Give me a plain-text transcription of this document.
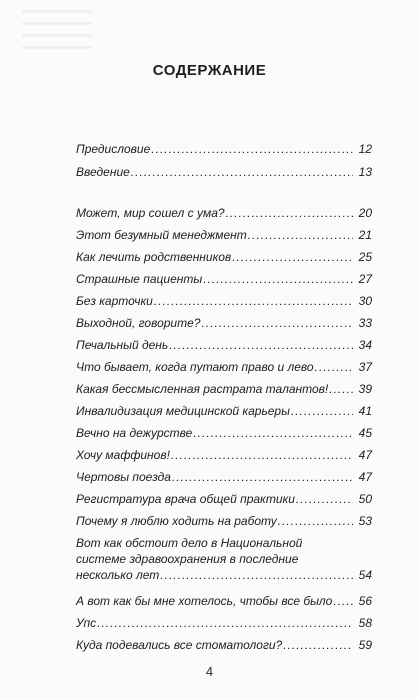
СОДЕРЖАНИЕ
Предисловие .....	12
Введение .....	13
Может, мир сошел с ума? .....	20
Этот безумный менеджмент .....	21
Как лечить родственников .....	25
Страшные пациенты .....	27
Без карточки .....	30
Выходной, говорите? .....	33
Печальный день .....	34
Что бывает, когда путают право и лево .....	37
Какая бессмысленная растрата талантов! .....	39
Инвалидизация медицинской карьеры .....	41
Вечно на дежурстве .....	45
Хочу маффинов! .....	47
Чертовы поезда .....	47
Регистратура врача общей практики .....	50
Почему я люблю ходить на работу .....	53
Вот как обстоит дело в Национальной
системе здравоохранения в последние
несколько лет .....	54
А вот как бы мне хотелось, чтобы все было .....	56
Упс .....	58
Куда подевались все стоматологи? .....	59
4
